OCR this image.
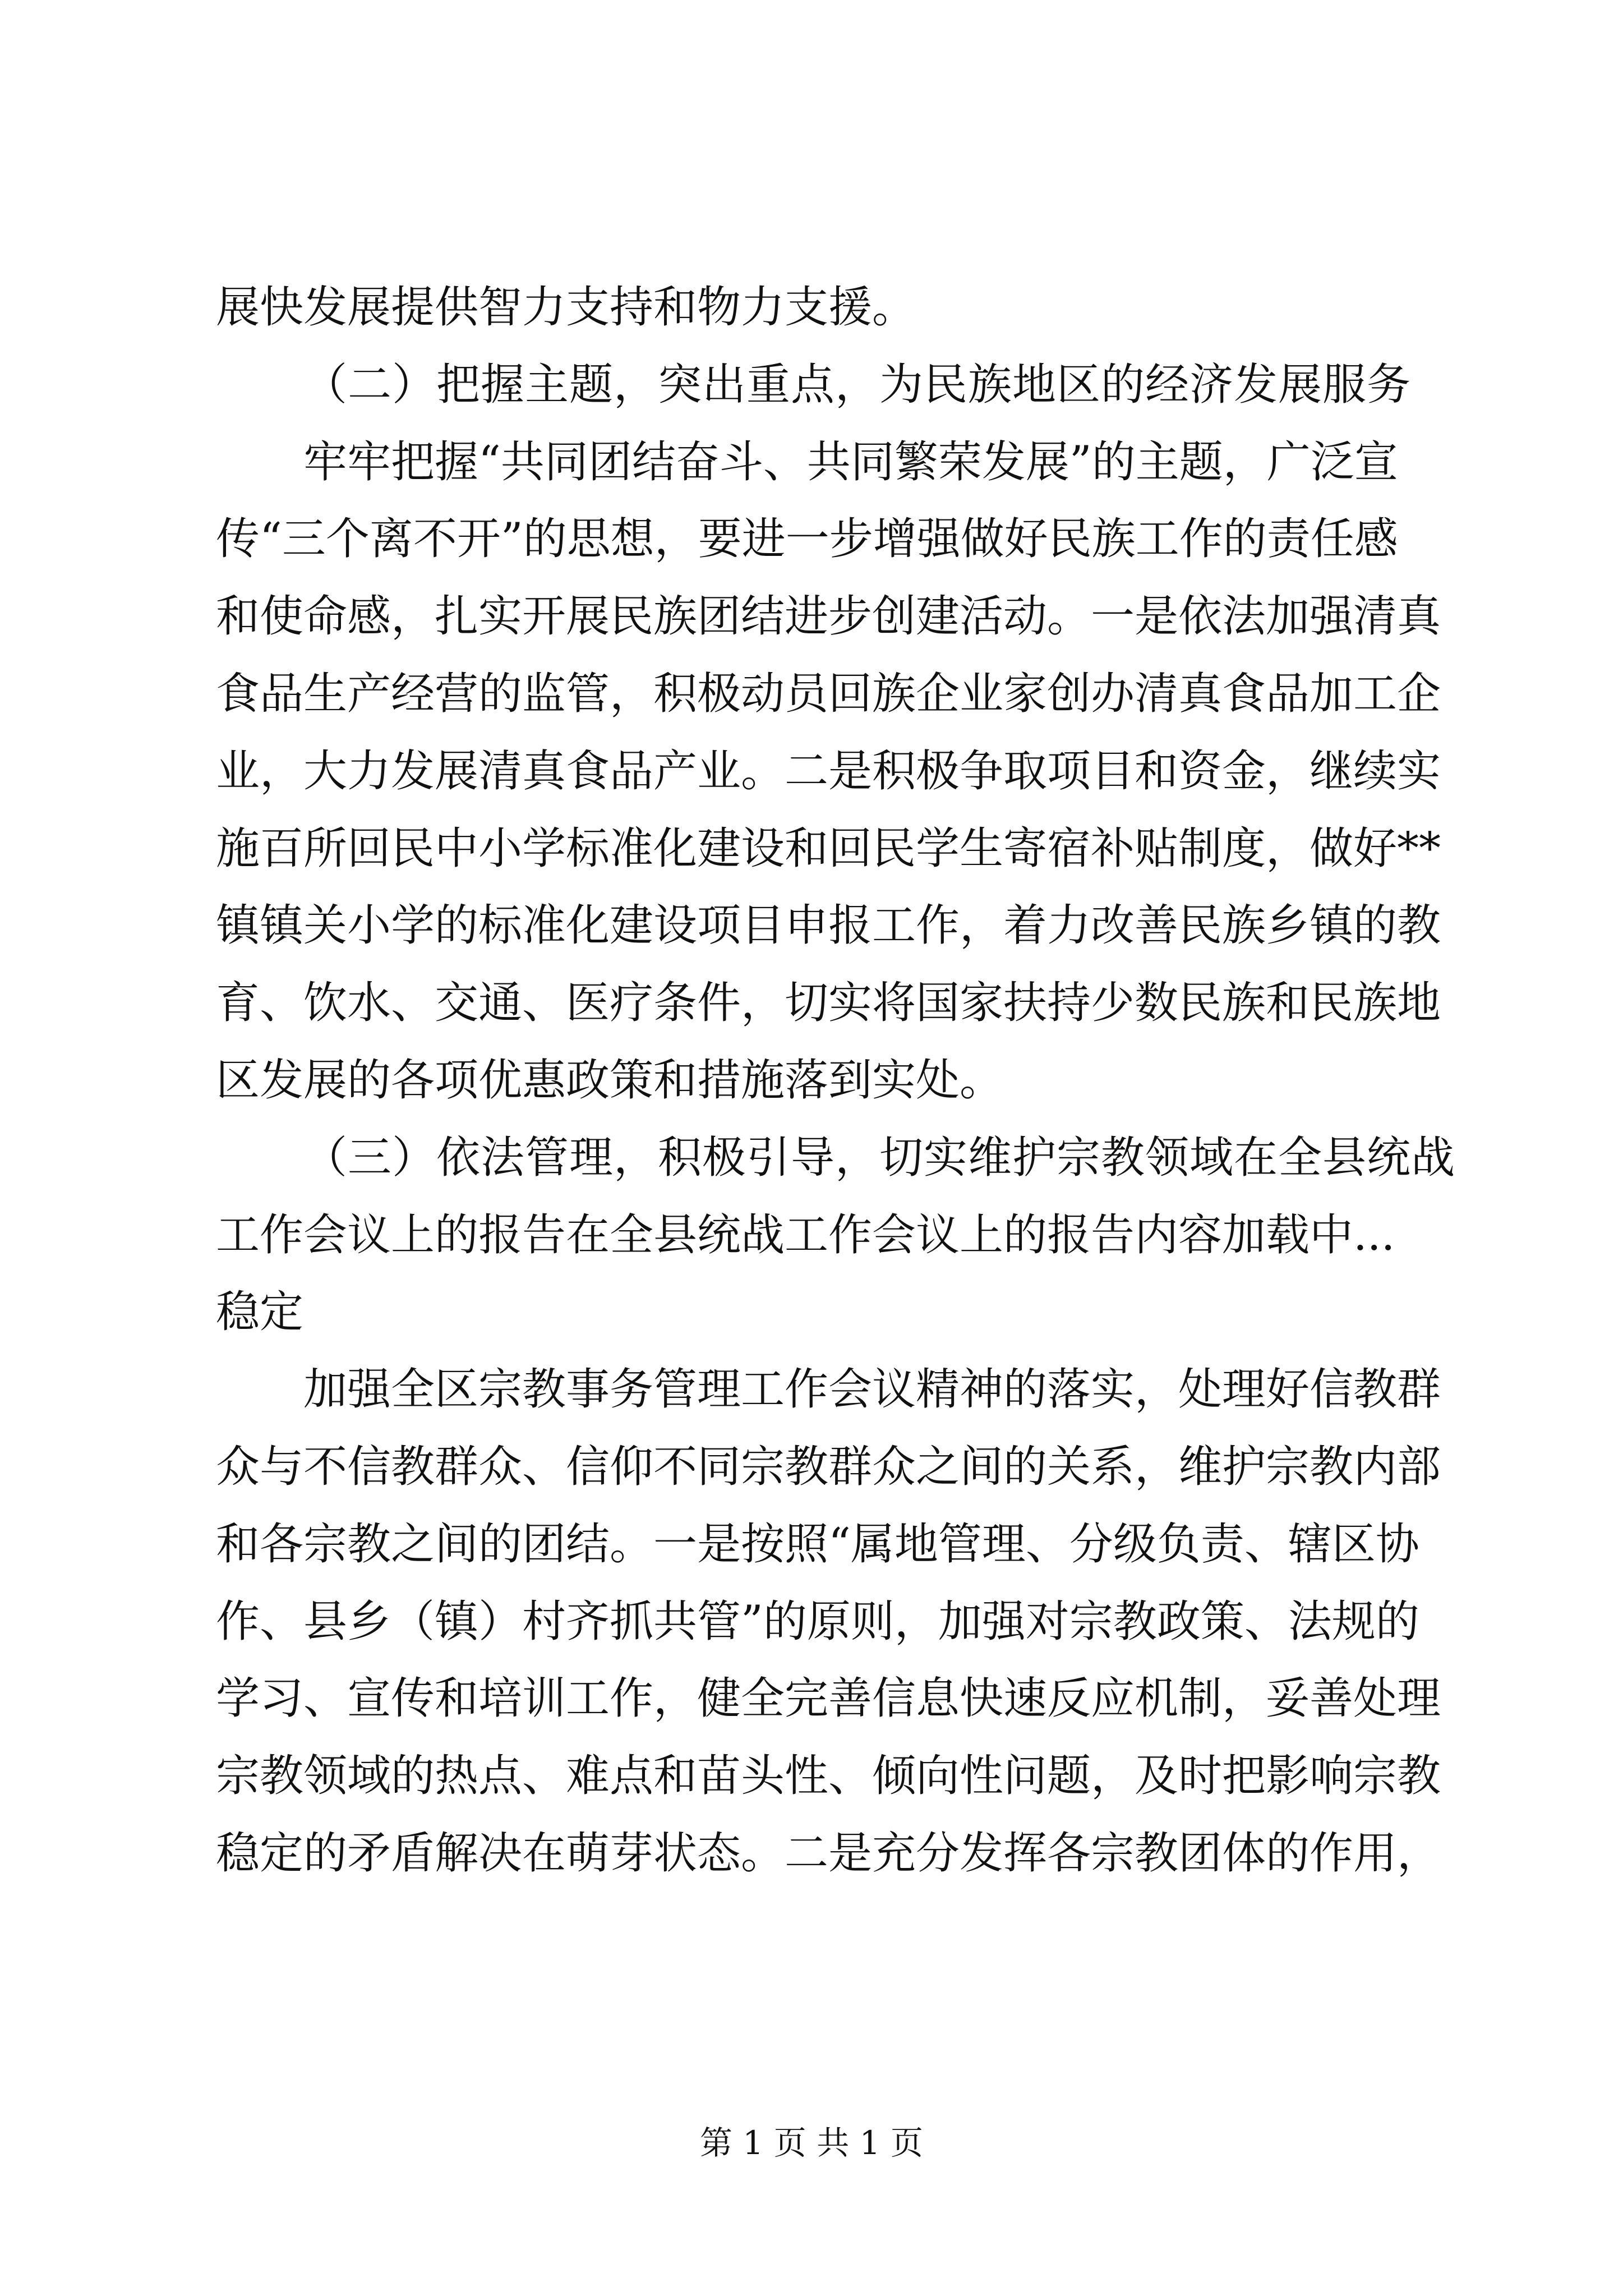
展快发展提供智力支持和物力支援。
（二）把握主题，突出重点，为民族地区的经济发展服务
牢牢把握“共同团结奋斗、共同繁荣发展”的主题，广泛宣
传“三个离不开”的思想，要进一步增强做好民族工作的责任感
和使命感，扎实开展民族团结进步创建活动。一是依法加强清真
食品生产经营的监管，积极动员回族企业家创办清真食品加工企
业，大力发展清真食品产业。二是积极争取项目和资金，继续实
施百所回民中小学标准化建设和回民学生寄宿补贴制度，做好**
镇镇关小学的标准化建设项目申报工作，着力改善民族乡镇的教
育、饮水、交通、医疗条件，切实将国家扶持少数民族和民族地
区发展的各项优惠政策和措施落到实处。
（三）依法管理，积极引导，切实维护宗教领域在全县统战
工作会议上的报告在全县统战工作会议上的报告内容加载中...
稳定
加强全区宗教事务管理工作会议精神的落实，处理好信教群
众与不信教群众、信仰不同宗教群众之间的关系，维护宗教内部
和各宗教之间的团结。一是按照“属地管理、分级负责、辖区协
作、县乡（镇）村齐抓共管”的原则，加强对宗教政策、法规的
学习、宣传和培训工作，健全完善信息快速反应机制，妥善处理
宗教领域的热点、难点和苗头性、倾向性问题，及时把影响宗教
稳定的矛盾解决在萌芽状态。二是充分发挥各宗教团体的作用，
第 1 页 共 1 页
